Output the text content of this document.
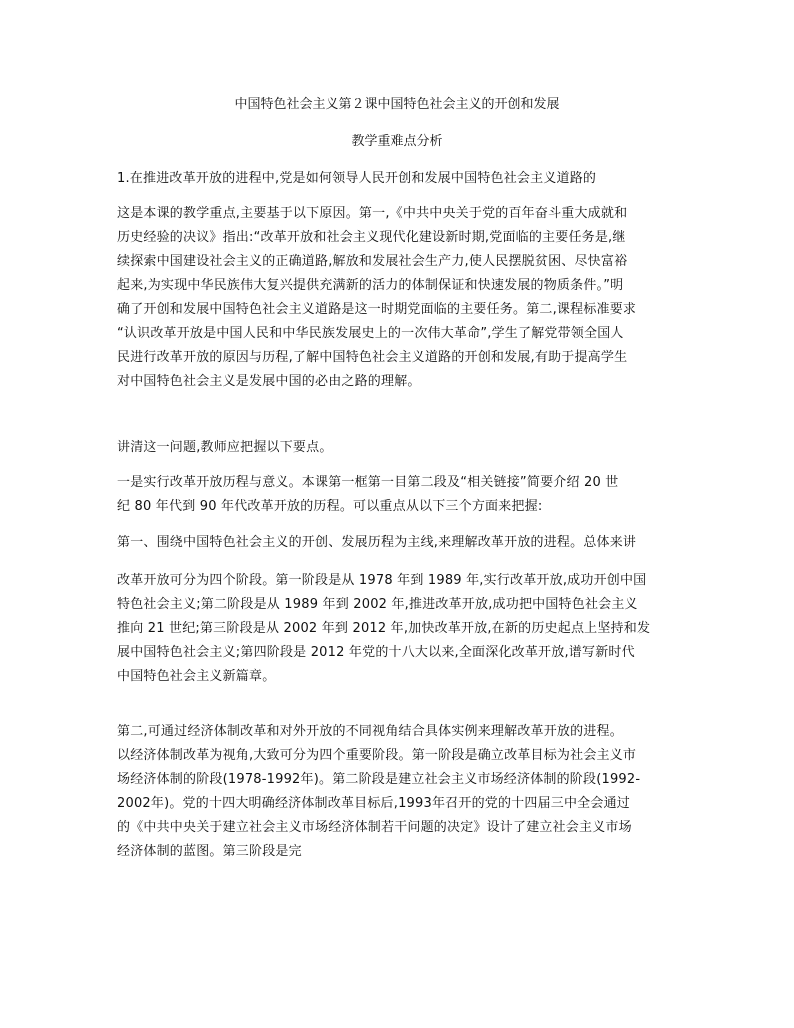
中国特色社会主义第２课中国特色社会主义的开创和发展
教学重难点分析
1.在推进改革开放的进程中,党是如何领导人民开创和发展中国特色社会主义道路的
这是本课的教学重点,主要基于以下原因。第一,《中共中央关于党的百年奋斗重大成就和
历史经验的决议》指出:“改革开放和社会主义现代化建设新时期,党面临的主要任务是,继
续探索中国建设社会主义的正确道路,解放和发展社会生产力,使人民摆脱贫困、尽快富裕
起来,为实现中华民族伟大复兴提供充满新的活力的体制保证和快速发展的物质条件。”明
确了开创和发展中国特色社会主义道路是这一时期党面临的主要任务。第二,课程标准要求
“认识改革开放是中国人民和中华民族发展史上的一次伟大革命”,学生了解党带领全国人
民进行改革开放的原因与历程,了解中国特色社会主义道路的开创和发展,有助于提高学生
对中国特色社会主义是发展中国的必由之路的理解。
讲清这一问题,教师应把握以下要点。
一是实行改革开放历程与意义。本课第一框第一目第二段及“相关链接”简要介绍 20 世
纪 80 年代到 90 年代改革开放的历程。可以重点从以下三个方面来把握:
第一、围绕中国特色社会主义的开创、发展历程为主线,来理解改革开放的进程。总体来讲
改革开放可分为四个阶段。第一阶段是从 1978 年到 1989 年,实行改革开放,成功开创中国
特色社会主义;第二阶段是从 1989 年到 2002 年,推进改革开放,成功把中国特色社会主义
推向 21 世纪;第三阶段是从 2002 年到 2012 年,加快改革开放,在新的历史起点上坚持和发
展中国特色社会主义;第四阶段是 2012 年党的十八大以来,全面深化改革开放,谱写新时代
中国特色社会主义新篇章。
第二,可通过经济体制改革和对外开放的不同视角结合具体实例来理解改革开放的进程。
以经济体制改革为视角,大致可分为四个重要阶段。第一阶段是确立改革目标为社会主义市
场经济体制的阶段(1978-1992年)。第二阶段是建立社会主义市场经济体制的阶段(1992-
2002年)。党的十四大明确经济体制改革目标后,1993年召开的党的十四届三中全会通过
的《中共中央关于建立社会主义市场经济体制若干问题的决定》设计了建立社会主义市场
经济体制的蓝图。第三阶段是完
